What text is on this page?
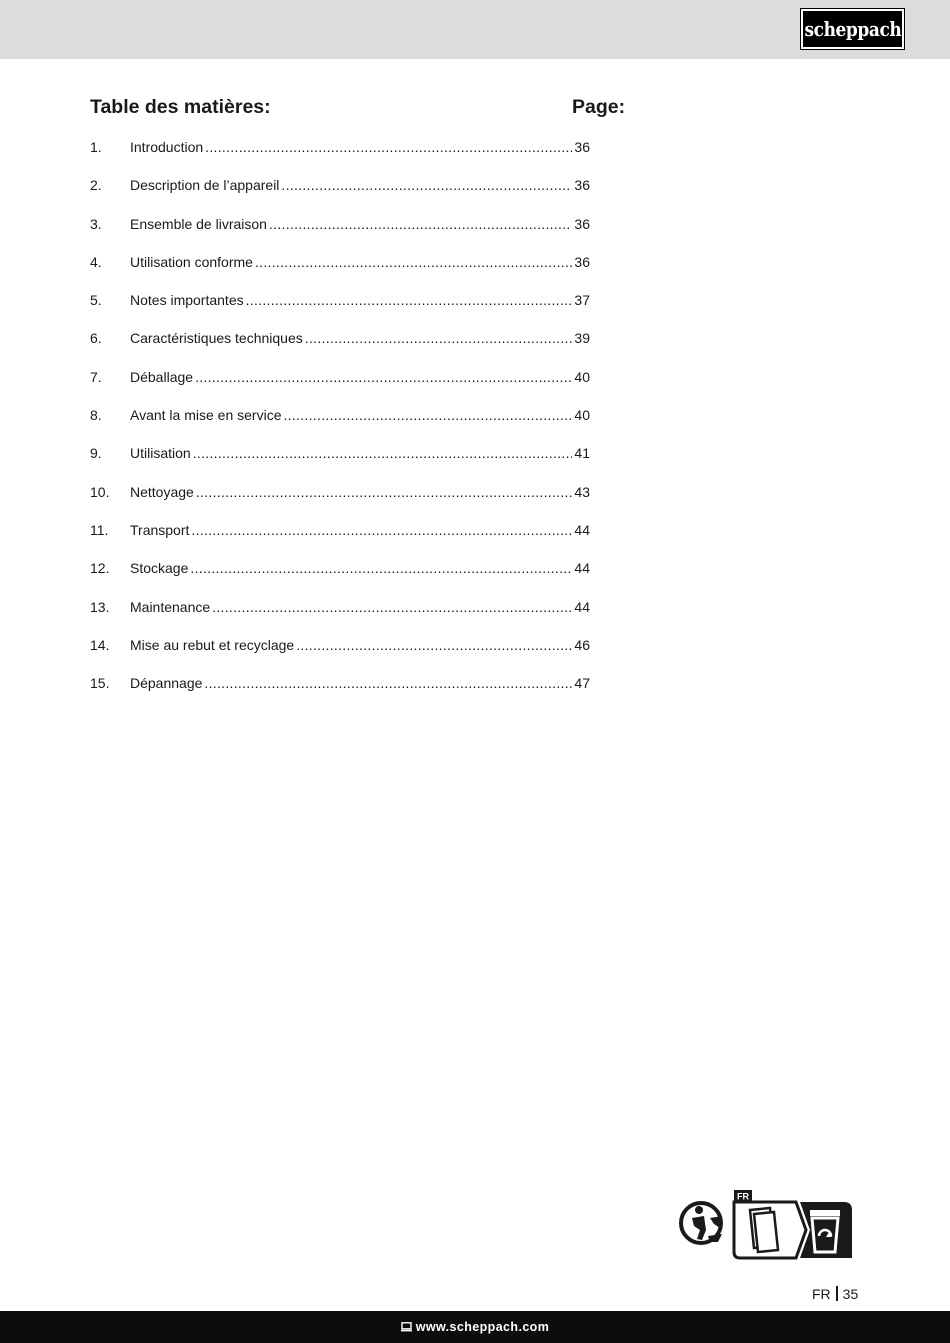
scheppach
Table des matières:	Page:
1.	Introduction .....	36
2.	Description de l’appareil .....	36
3.	Ensemble de livraison .....	36
4.	Utilisation conforme .....	36
5.	Notes importantes .....	37
6.	Caractéristiques techniques .....	39
7.	Déballage .....	40
8.	Avant la mise en service .....	40
9.	Utilisation .....	41
10.	Nettoyage .....	43
11.	Transport .....	44
12.	Stockage .....	44
13.	Maintenance .....	44
14.	Mise au rebut et recyclage .....	46
15.	Dépannage .....	47
FR
FR 35
www.scheppach.com
